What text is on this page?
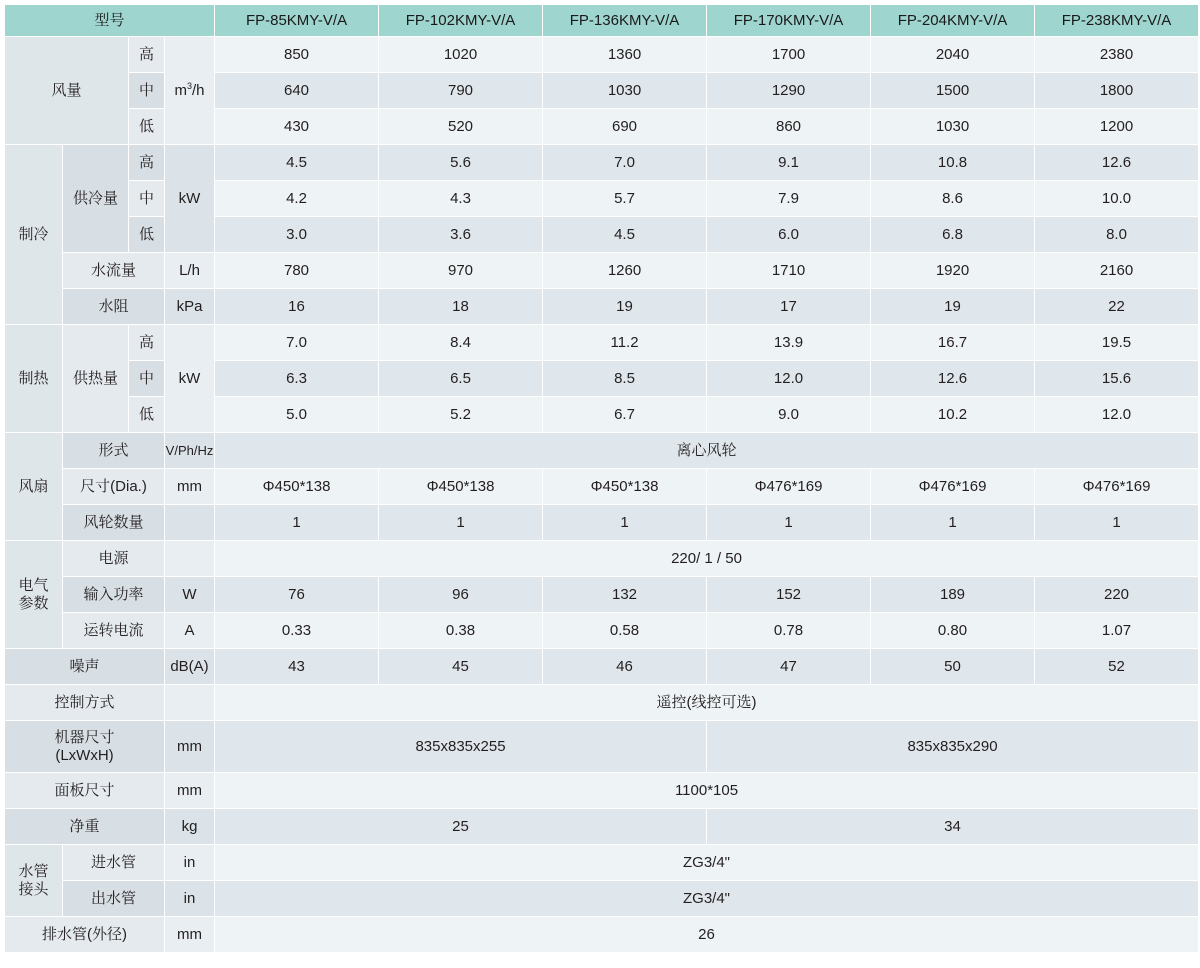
型号				FP-85KMY-V/A	FP-102KMY-V/A	FP-136KMY-V/A	FP-170KMY-V/A	FP-204KMY-V/A	FP-238KMY-V/A
风量		高	$m^3/h$	850	1020	1360	1700	2040	2380
		中		640	790	1030	1290	1500	1800
		低		430	520	690	860	1030	1200
制冷	供冷量	高	kW	4.5	5.6	7.0	9.1	10.8	12.6
		中		4.2	4.3	5.7	7.9	8.6	10.0
		低		3.0	3.6	4.5	6.0	6.8	8.0
	水流量		L/h	780	970	1260	1710	1920	2160
	水阻		kPa	16	18	19	17	19	22
制热	供热量	高	kW	7.0	8.4	11.2	13.9	16.7	19.5
		中		6.3	6.5	8.5	12.0	12.6	15.6
		低		5.0	5.2	6.7	9.0	10.2	12.0
风扇	形式		V/Ph/Hz	离心风轮					
	尺寸(Dia.)		mm	Φ450*138	Φ450*138	Φ450*138	Φ476*169	Φ476*169	Φ476*169
	风轮数量			1	1	1	1	1	1

电气
参数	电源			220/ 1 / 50					
	输入功率		W	76	96	132	152	189	220
	运转电流		A	0.33	0.38	0.58	0.78	0.80	1.07
噪声			dB(A)	43	45	46	47	50	52
控制方式				遥控(线控可选)					

机器尺寸
(LxWxH)			mm	835x835x255			835x835x290		
面板尺寸			mm	1100*105					
净重			kg	25			34		

水管
接头	进水管		in	ZG3/4"					
	出水管		in	ZG3/4"					
排水管(外径)			mm	26					
